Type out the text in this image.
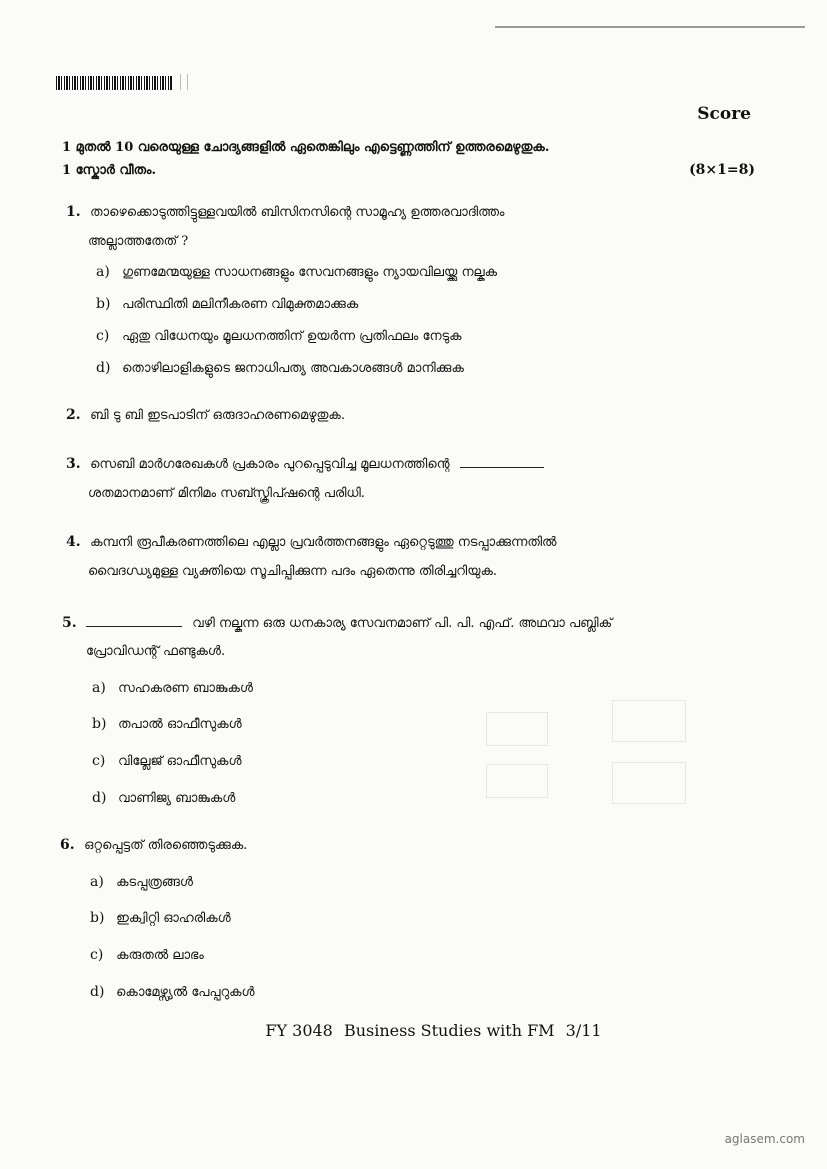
Score
1 മുതൽ 10 വരെയുള്ള ചോദ്യങ്ങളിൽ ഏതെങ്കിലും എട്ടെണ്ണത്തിന് ഉത്തരമെഴുതുക.
1 സ്കോർ വീതം.	(8×1=8)
1. താഴെക്കൊടുത്തിട്ടുള്ളവയിൽ ബിസിനസിന്റെ സാമൂഹ്യ ഉത്തരവാദിത്തം
അല്ലാത്തതേത് ?
a) ഗുണമേന്മയുള്ള സാധനങ്ങളും സേവനങ്ങളും ന്യായവിലയ്ക്കു നല്കുക
b) പരിസ്ഥിതി മലിനീകരണ വിമുക്തമാക്കുക
c) ഏതു വിധേനയും മൂലധനത്തിന് ഉയർന്ന പ്രതിഫലം നേടുക
d) തൊഴിലാളികളുടെ ജനാധിപത്യ അവകാശങ്ങൾ മാനിക്കുക
2. ബി ടു ബി ഇടപാടിന് ഒരുദാഹരണമെഴുതുക.
3. സെബി മാർഗരേഖകൾ പ്രകാരം പുറപ്പെടുവിച്ച മൂലധനത്തിന്റെ
ശതമാനമാണ് മിനിമം സബ്സ്ക്രിപ്ഷന്റെ പരിധി.
4. കമ്പനി രൂപീകരണത്തിലെ എല്ലാ പ്രവർത്തനങ്ങളും ഏറ്റെടുത്തു നടപ്പാക്കുന്നതിൽ
വൈദഗ്ധ്യമുള്ള വ്യക്തിയെ സൂചിപ്പിക്കുന്ന പദം ഏതെന്നു തിരിച്ചറിയുക.
5.	വഴി നല്കുന്ന ഒരു ധനകാര്യ സേവനമാണ് പി. പി. എഫ്. അഥവാ പബ്ലിക്
പ്രോവിഡന്റ് ഫണ്ടുകൾ.
a) സഹകരണ ബാങ്കുകൾ
b) തപാൽ ഓഫീസുകൾ
c) വില്ലേജ് ഓഫീസുകൾ
d) വാണിജ്യ ബാങ്കുകൾ
6. ഒറ്റപ്പെട്ടത് തിരഞ്ഞെടുക്കുക.
a) കടപ്പത്രങ്ങൾ
b) ഇക്വിറ്റി ഓഹരികൾ
c) കരുതൽ ലാഭം
d) കൊമേഴ്സ്യൽ പേപ്പറുകൾ
FY 3048 Business Studies with FM 3/11
aglasem.com
